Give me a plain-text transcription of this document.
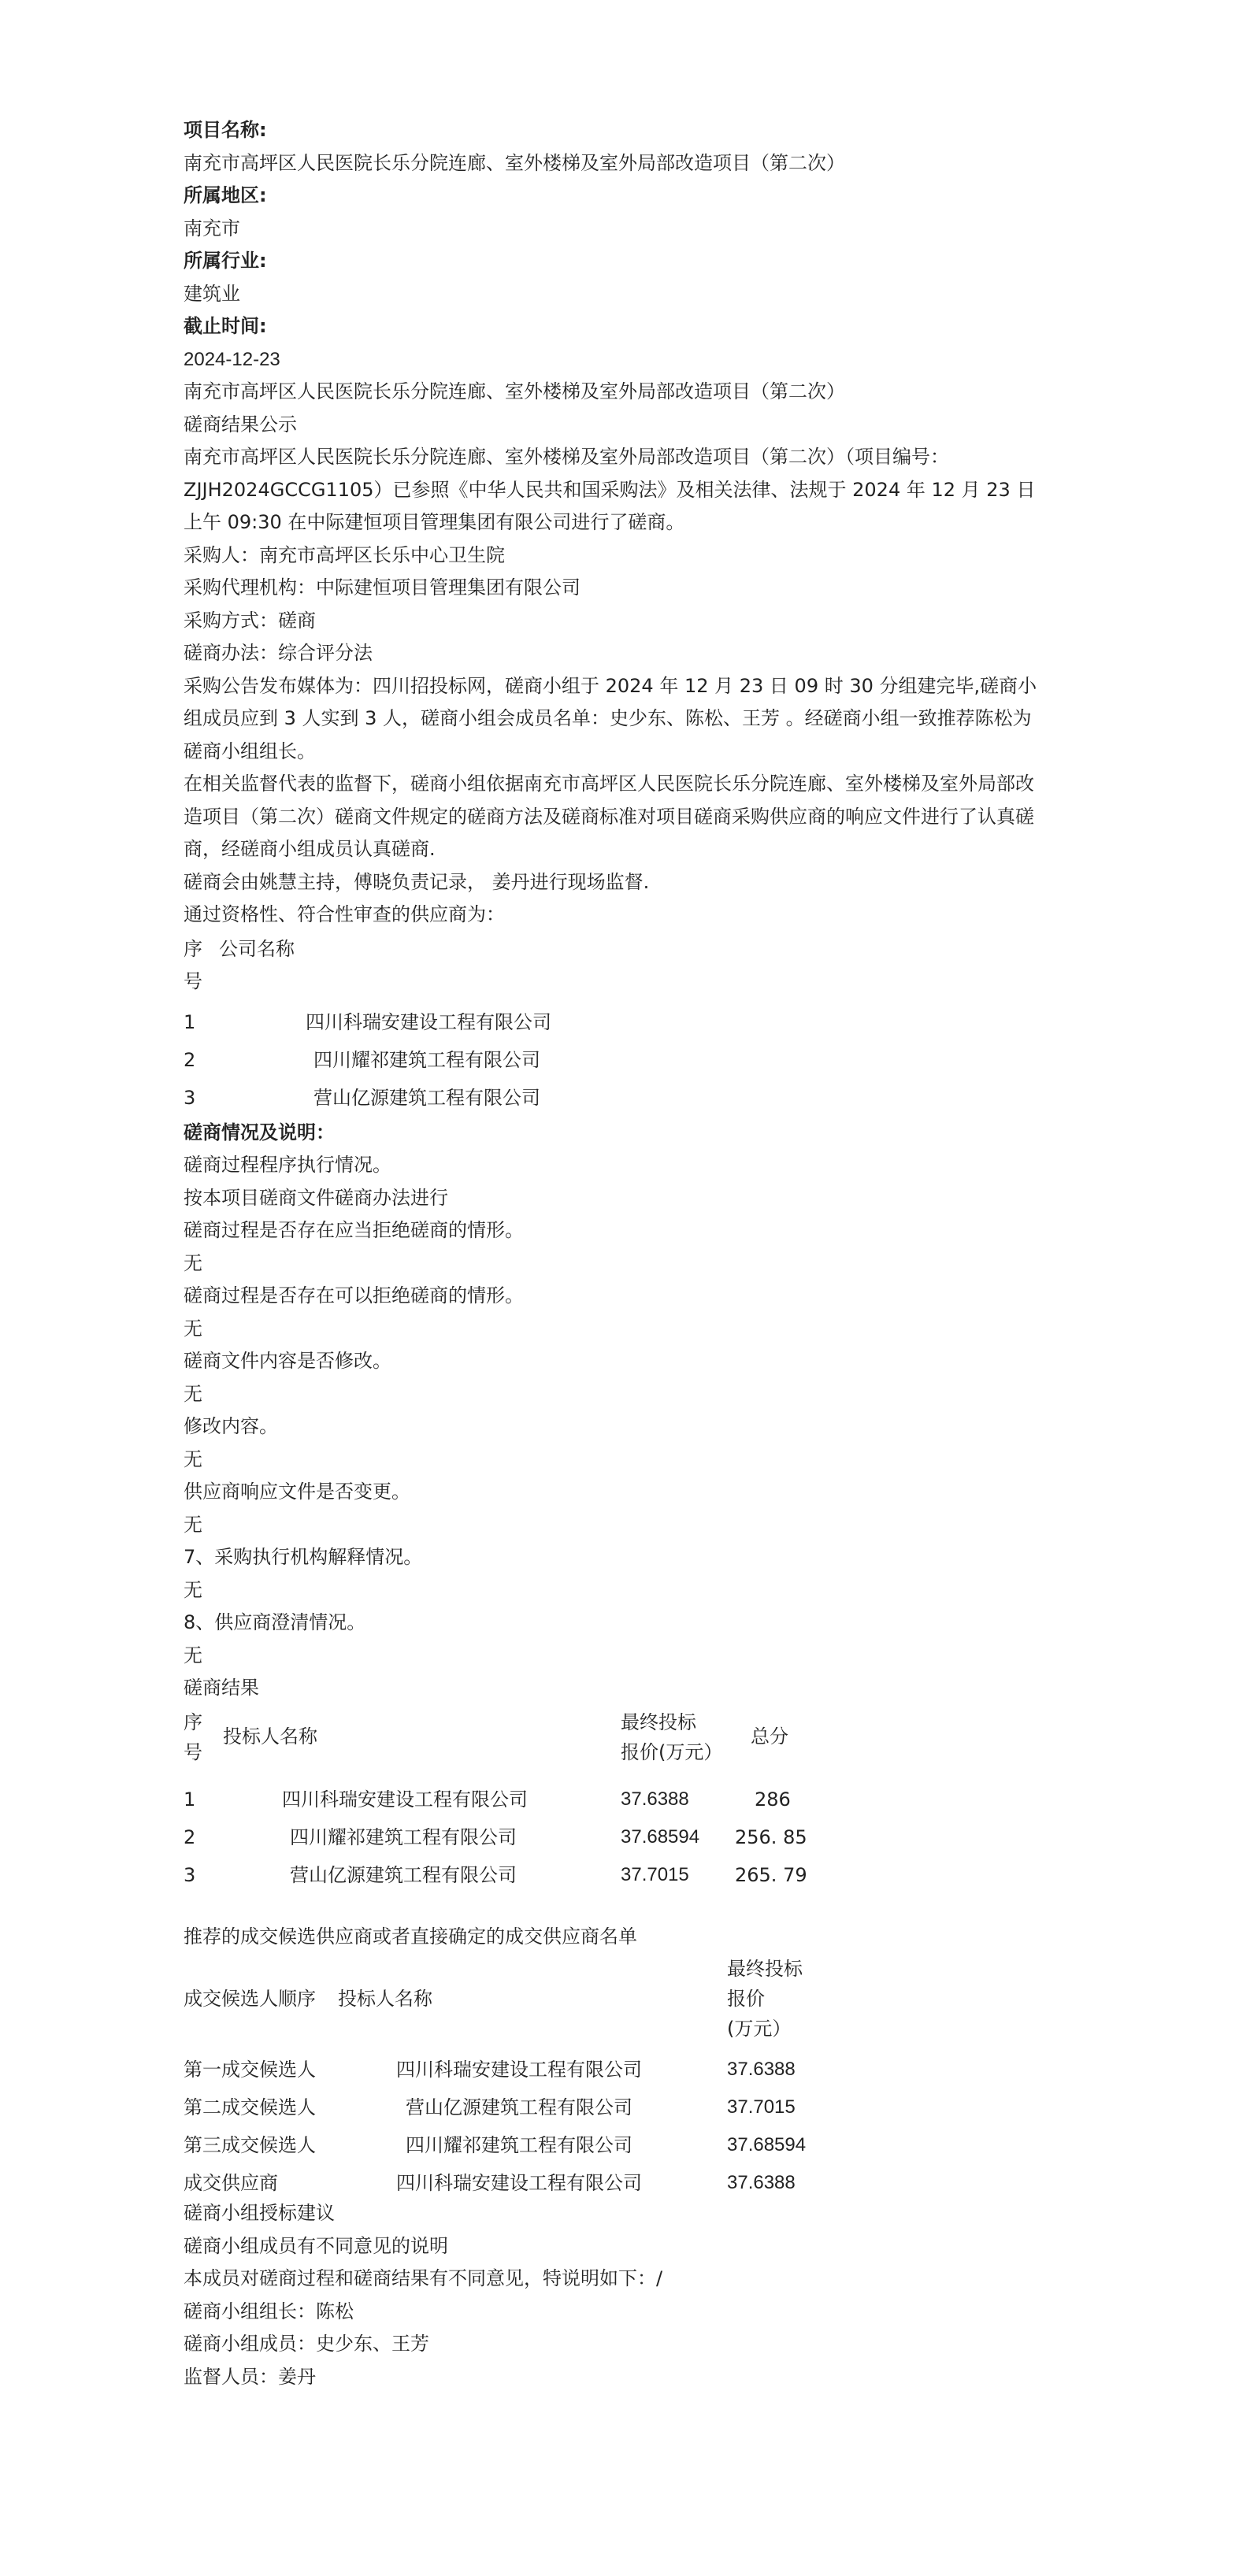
项目名称:
南充市高坪区人民医院长乐分院连廊、室外楼梯及室外局部改造项目（第二次）
所属地区:
南充市
所属行业:
建筑业
截止时间:
2024-12-23
南充市高坪区人民医院长乐分院连廊、室外楼梯及室外局部改造项目（第二次）
磋商结果公示
南充市高坪区人民医院长乐分院连廊、室外楼梯及室外局部改造项目（第二次）（项目编号：ZJJH2024GCCG1105）已参照《中华人民共和国采购法》及相关法律、法规于 2024 年 12 月 23 日上午 09:30 在中际建恒项目管理集团有限公司进行了磋商。
采购人：南充市高坪区长乐中心卫生院
采购代理机构：中际建恒项目管理集团有限公司
采购方式：磋商
磋商办法：综合评分法
采购公告发布媒体为：四川招投标网，磋商小组于 2024 年 12 月 23 日 09 时 30 分组建完毕,磋商小组成员应到 3 人实到 3 人，磋商小组会成员名单：史少东、陈松、王芳 。经磋商小组一致推荐陈松为磋商小组组长。
在相关监督代表的监督下，磋商小组依据南充市高坪区人民医院长乐分院连廊、室外楼梯及室外局部改造项目（第二次）磋商文件规定的磋商方法及磋商标准对项目磋商采购供应商的响应文件进行了认真磋商，经磋商小组成员认真磋商.
磋商会由姚慧主持，傅晓负责记录， 姜丹进行现场监督.
通过资格性、符合性审查的供应商为：
序 公司名称
号
1	四川科瑞安建设工程有限公司
2	四川耀祁建筑工程有限公司
3	营山亿源建筑工程有限公司
磋商情况及说明：
磋商过程程序执行情况。
按本项目磋商文件磋商办法进行
磋商过程是否存在应当拒绝磋商的情形。
无
磋商过程是否存在可以拒绝磋商的情形。
无
磋商文件内容是否修改。
无
修改内容。
无
供应商响应文件是否变更。
无
7、采购执行机构解释情况。
无
8、供应商澄清情况。
无
磋商结果
序
号
投标人名称
最终投标
报价(万元）
总分
1	四川科瑞安建设工程有限公司	37.6388	286
2	四川耀祁建筑工程有限公司	37.68594 256. 85
3	营山亿源建筑工程有限公司	37.7015 265. 79
推荐的成交候选供应商或者直接确定的成交供应商名单
最终投标
报价
(万元）
成交候选人顺序 投标人名称
第一成交候选人	四川科瑞安建设工程有限公司	37.6388
第二成交候选人	营山亿源建筑工程有限公司	37.7015
第三成交候选人	四川耀祁建筑工程有限公司	37.68594
成交供应商	四川科瑞安建设工程有限公司	37.6388
磋商小组授标建议
磋商小组成员有不同意见的说明
本成员对磋商过程和磋商结果有不同意见，特说明如下：/
磋商小组组长：陈松
磋商小组成员：史少东、王芳
监督人员：姜丹
